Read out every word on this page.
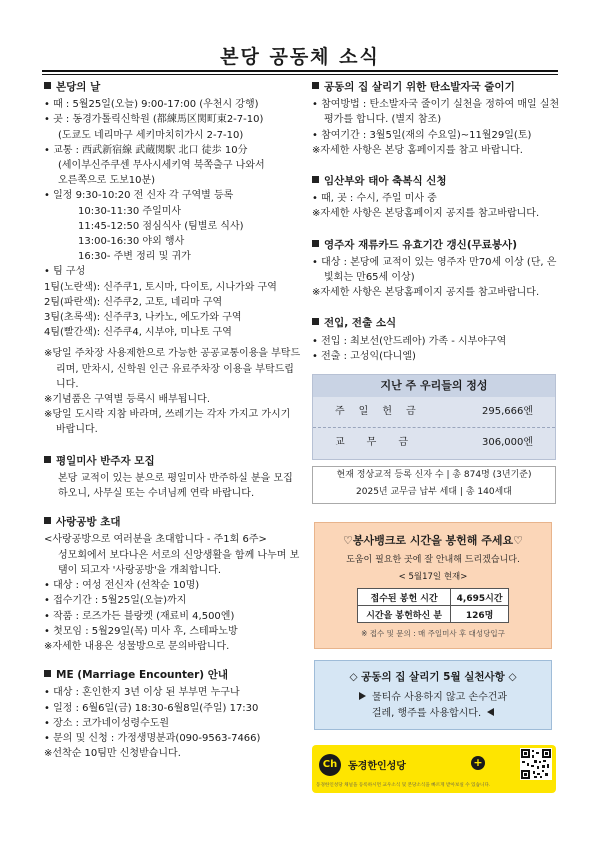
본당 공동체 소식
본당의 날
• 때 : 5월25일(오늘) 9:00-17:00 (우천시 강행)
• 곳 : 동경가톨릭신학원 (都練馬区関町東2-7-10)
(도쿄도 네리마구 세키마치히가시 2-7-10)
• 교통 : 西武新宿線 武蔵関駅 北口 徒歩 10分
(세이부신주쿠센 무사시세키역 북쪽출구 나와서
오른쪽으로 도보10분)
• 일정 9:30-10:20 전 신자 각 구역별 등록
10:30-11:30 주일미사
11:45-12:50 점심식사 (팀별로 식사)
13:00-16:30 야외 행사
16:30- 주변 정리 및 귀가
• 팀 구성
1팀(노란색): 신주쿠1, 토시마, 다이토, 시나가와 구역
2팀(파란색): 신주쿠2, 고토, 네리마 구역
3팀(초록색): 신주쿠3, 나카노, 에도가와 구역
4팀(빨간색): 신주쿠4, 시부야, 미나토 구역
※당일 주차장 사용제한으로 가능한 공공교통이용을 부탁드리며, 만차시, 신학원 인근 유료주차장 이용을 부탁드립니다.
※기념품은 구역별 등록시 배부됩니다.
※당일 도시락 지참 바라며, 쓰레기는 각자 가지고 가시기 바랍니다.
평일미사 반주자 모집
본당 교적이 있는 분으로 평일미사 반주하실 분을 모집하오니, 사무실 또는 수녀님께 연락 바랍니다.
사랑공방 초대
<사랑공방으로 여러분을 초대합니다 - 주1회 6주>
성모회에서 보다나은 서로의 신앙생활을 함께 나누며 보탬이 되고자 '사랑공방'을 개최합니다.
• 대상 : 여성 전신자 (선착순 10명)
• 접수기간 : 5월25일(오늘)까지
• 작품 : 로즈가든 블랑켓 (재료비 4,500엔)
• 첫모임 : 5월29일(목) 미사 후, 스테파노방
※자세한 내용은 성물방으로 문의바랍니다.
ME (Marriage Encounter) 안내
• 대상 : 혼인한지 3년 이상 된 부부면 누구나
• 일정 : 6월6일(금) 18:30-6월8일(주일) 17:30
• 장소 : 코가네이성령수도원
• 문의 및 신청 : 가정생명분과(090-9563-7466)
※선착순 10팀만 신청받습니다.
공동의 집 살리기 위한 탄소발자국 줄이기
• 참여방법 : 탄소발자국 줄이기 실천을 정하여 매일 실천평가를 합니다. (별지 참조)
• 참여기간 : 3월5일(재의 수요일)~11월29일(토)
※자세한 사항은 본당 홈페이지를 참고 바랍니다.
임산부와 태아 축복식 신청
• 때, 곳 : 수시, 주일 미사 중
※자세한 사항은 본당홈페이지 공지를 참고바랍니다.
영주자 재류카드 유효기간 갱신(무료봉사)
• 대상 : 본당에 교적이 있는 영주자 만70세 이상 (단, 은빛회는 만65세 이상)
※자세한 사항은 본당홈페이지 공지를 참고바랍니다.
전입, 전출 소식
• 전입 : 최보선(안드레아) 가족 - 시부야구역
• 전출 : 고성익(다니엘)
지난 주 우리들의 정성
주일헌금	295,666엔
교무금	306,000엔
현재 정상교적 등록 신자 수 | 총 874명 (3년기준)
2025년 교무금 납부 세대 | 총 140세대
♡봉사뱅크로 시간을 봉헌해 주세요♡
도움이 필요한 곳에 잘 안내해 드리겠습니다.
< 5월17일 현재>
접수된 봉헌 시간	4,695시간
시간을 봉헌하신 분	126명
※ 접수 및 문의 : 매 주일미사 후 대성당입구
◇ 공동의 집 살리기 5월 실천사항 ◇
물티슈 사용하지 않고 손수건과
걸레, 행주를 사용합시다.
Ch	동경한인성당	+
동경한인성당 채널을 등록하시면 교우소식 및 본당소식을 빠르게 받아보실 수 있습니다.
